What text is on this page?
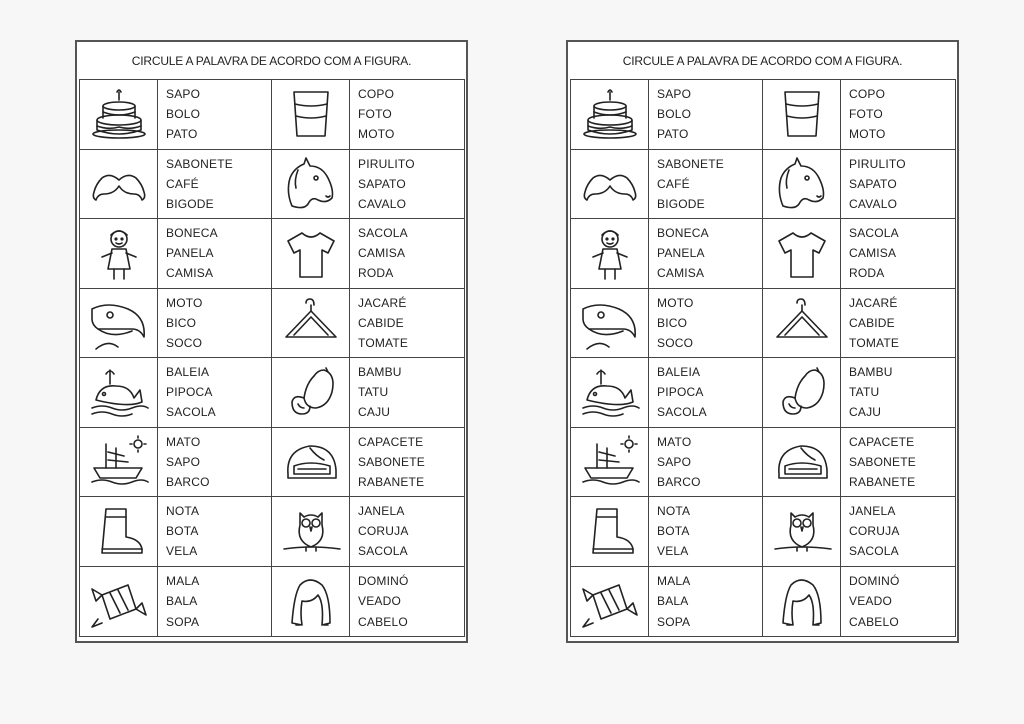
CIRCULE A PALAVRA DE ACORDO COM A FIGURA.
SAPO
BOLO
PATO
COPO
FOTO
MOTO
SABONETE
CAFÉ
BIGODE
PIRULITO
SAPATO
CAVALO
BONECA
PANELA
CAMISA
SACOLA
CAMISA
RODA
MOTO
BICO
SOCO
JACARÉ
CABIDE
TOMATE
BALEIA
PIPOCA
SACOLA
BAMBU
TATU
CAJU
MATO
SAPO
BARCO
CAPACETE
SABONETE
RABANETE
NOTA
BOTA
VELA
JANELA
CORUJA
SACOLA
MALA
BALA
SOPA
DOMINÓ
VEADO
CABELO
CIRCULE A PALAVRA DE ACORDO COM A FIGURA.
SAPO
BOLO
PATO
COPO
FOTO
MOTO
SABONETE
CAFÉ
BIGODE
PIRULITO
SAPATO
CAVALO
BONECA
PANELA
CAMISA
SACOLA
CAMISA
RODA
MOTO
BICO
SOCO
JACARÉ
CABIDE
TOMATE
BALEIA
PIPOCA
SACOLA
BAMBU
TATU
CAJU
MATO
SAPO
BARCO
CAPACETE
SABONETE
RABANETE
NOTA
BOTA
VELA
JANELA
CORUJA
SACOLA
MALA
BALA
SOPA
DOMINÓ
VEADO
CABELO
